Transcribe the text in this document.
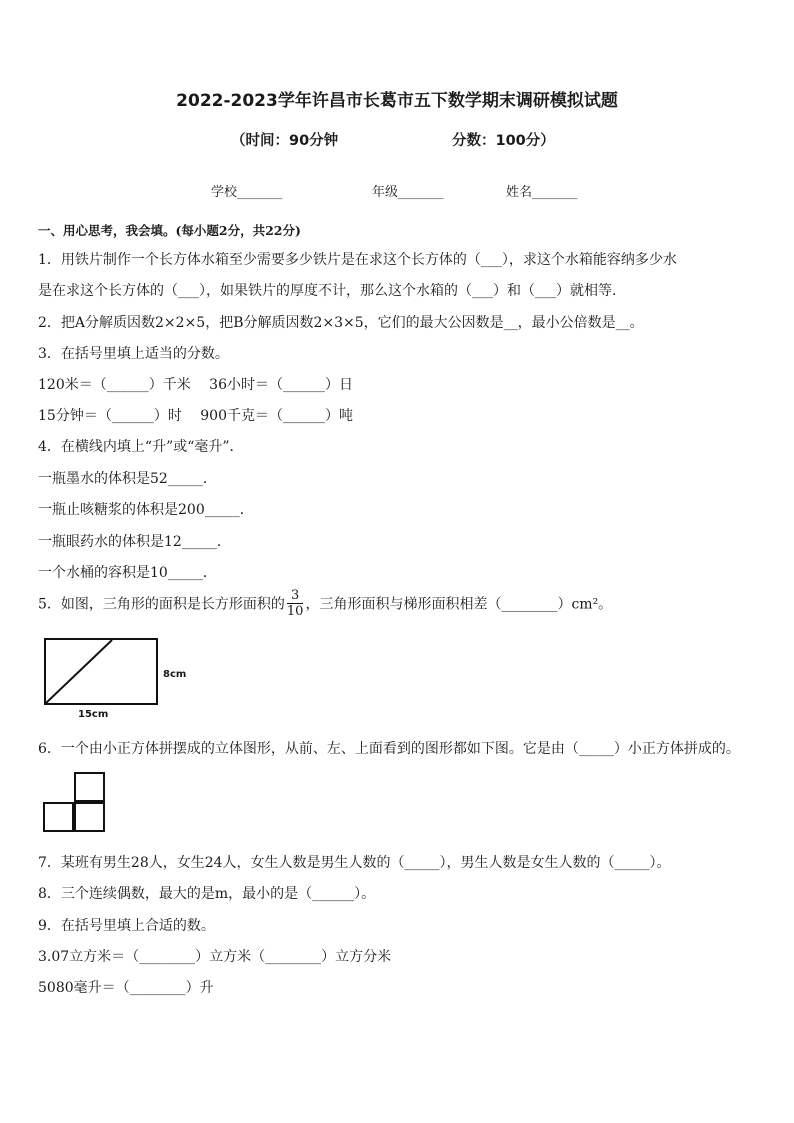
2022-2023学年许昌市长葛市五下数学期末调研模拟试题
（时间：90分钟	分数：100分）
学校_______	年级_______	姓名_______
一、用心思考，我会填。(每小题2分，共22分)
1．用铁片制作一个长方体水箱至少需要多少铁片是在求这个长方体的（___），求这个水箱能容纳多少水
是在求这个长方体的（___），如果铁片的厚度不计，那么这个水箱的（___）和（___）就相等.
2．把A分解质因数2×2×5，把B分解质因数2×3×5，它们的最大公因数是__，最小公倍数是__。
3．在括号里填上适当的分数。
120米＝（______）千米　 36小时＝（______）日
15分钟＝（______）时　 900千克＝（______）吨
4．在横线内填上“升”或“毫升”．
一瓶墨水的体积是52_____．
一瓶止咳糖浆的体积是200_____．
一瓶眼药水的体积是12_____．
一个水桶的容积是10_____．
5．如图，三角形的面积是长方形面积的 $\frac{3}{10}$ ，三角形面积与梯形面积相差（________）cm²。
8cm
15cm
6．一个由小正方体拼摆成的立体图形，从前、左、上面看到的图形都如下图。它是由（_____）小正方体拼成的。
7．某班有男生28人，女生24人，女生人数是男生人数的（_____），男生人数是女生人数的（_____）。
8．三个连续偶数，最大的是m，最小的是（______）。
9．在括号里填上合适的数。
3.07立方米＝（________）立方米（________）立方分米
5080毫升＝（________）升
